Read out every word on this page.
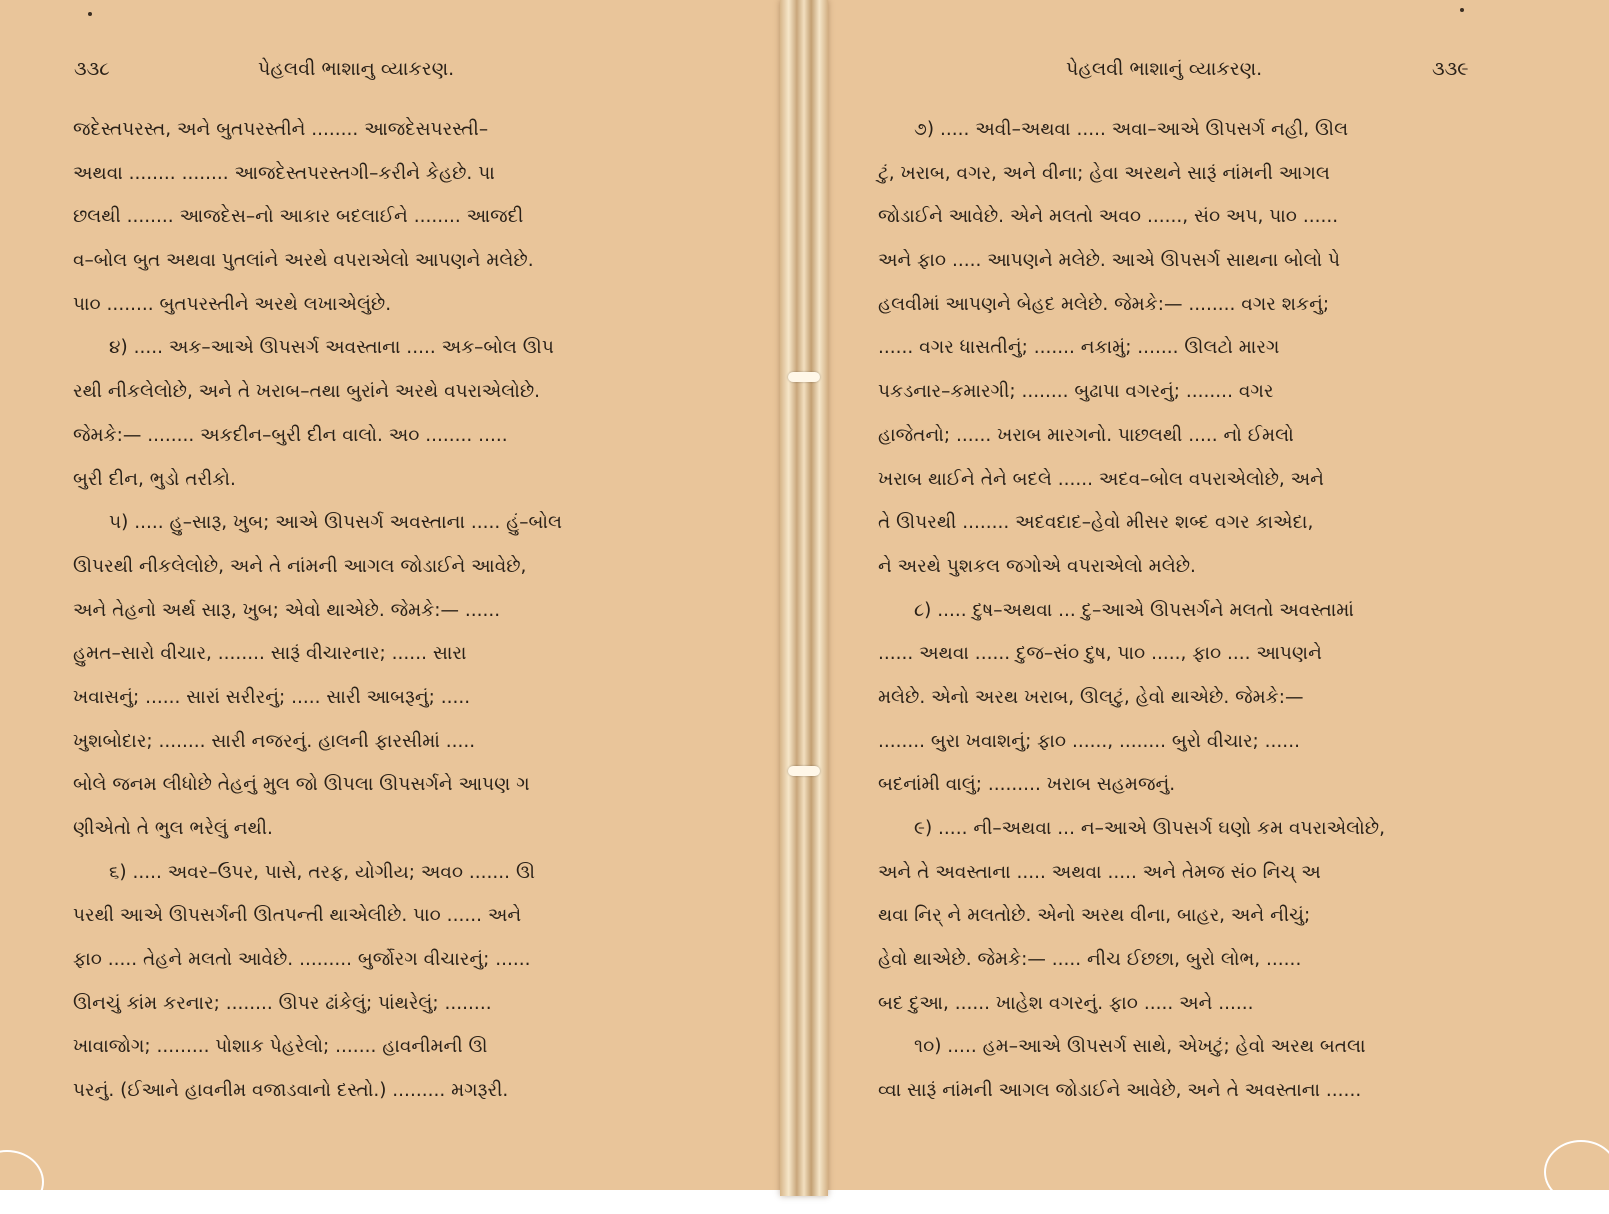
૩૩૮	પેહલવી ભાશાનુ વ્યાકરણ.
જદેસ્તપરસ્ત, અને બુતપરસ્તીને ........ આજદેસપરસ્તી–
અથવા ........ ........ આજદેસ્તપરસ્તગી–કરીને કેહછે. પા
છલથી ........ આજદેસ–નો આકાર બદલાઈને ........ આજદી
વ–બોલ બુત અથવા પુતલાંને અરથે વપરાએલો આપણને મલેછે.
પા૦ ........ બુતપરસ્તીને અરથે લખાએલુંછે.
૪) ..... અક–આએ ઊપસર્ગ અવસ્તાના ..... અક–બોલ ઊપ
રથી નીકલેલોછે, અને તે ખરાબ–તથા બુરાંને અરથે વપરાએલોછે.
જેમકે:— ........ અકદીન–બુરી દીન વાલો. અ૦ ........ .....
બુરી દીન, ભુડો તરીકો.
૫) ..... હુ–સારૂ, ખુબ; આએ ઊપસર્ગ અવસ્તાના ..... હું–બોલ
ઊપરથી નીકલેલોછે, અને તે નાંમની આગલ જોડાઈને આવેછે,
અને તેહનો અર્થ સારૂ, ખુબ; એવો થાએછે. જેમકે:— ......
હુમત–સારો વીચાર, ........ સારૂં વીચારનાર; ...... સારા
ખવાસનું; ...... સારાં સરીરનું; ..... સારી આબરૂનું; .....
ખુશબોદાર; ........ સારી નજરનું. હાલની ફારસીમાં .....
બોલે જનમ લીધોછે તેહનું મુલ જો ઊપલા ઊપસર્ગને આપણ ગ
ણીએતો તે ભુલ ભરેલું નથી.
૬) ..... અવર–ઉપર, પાસે, તરફ, યોગીય; અવ૦ ....... ઊ
પરથી આએ ઊપસર્ગની ઊતપન્તી થાએલીછે. પા૦ ...... અને
ફા૦ ..... તેહને મલતો આવેછે. ......... બુર્જોરગ વીચારનું; ......
ઊનચું કાંમ કરનાર; ........ ઊપર ઢાંકેલું; પાંથરેલું; ........
ખાવાજોગ; ......... પોશાક પેહરેલો; ....... હાવનીમની ઊ
પરનું. (ઈઆને હાવનીમ વજાડવાનો દસ્તો.) ......... મગરૂરી.
પેહલવી ભાશાનું વ્યાકરણ.	૩૩૯
૭) ..... અવી–અથવા ..... અવા–આએ ઊપસર્ગ નહી, ઊલ
ટું, ખરાબ, વગર, અને વીના; હેવા અરથને સારૂં નાંમની આગલ
જોડાઈને આવેછે. એને મલતો અવ૦ ......, સં૦ અપ, પા૦ ......
અને ફા૦ ..... આપણને મલેછે. આએ ઊપસર્ગ સાથના બોલો પે
હલવીમાં આપણને બેહદ મલેછે. જેમકે:— ........ વગર શકનું;
...... વગર ધાસતીનું; ....... નકામું; ....... ઊલટો મારગ
પકડનાર–કમારગી; ........ બુઢાપા વગરનું; ........ વગર
હાજેતનો; ...... ખરાબ મારગનો. પાછલથી ..... નો ઈમલો
ખરાબ થાઈને તેને બદલે ...... અદવ–બોલ વપરાએલોછે, અને
તે ઊપરથી ........ અદવદાદ–હેવો મીસર શબ્દ વગર કાએદા,
ને અરથે પુશકલ જગોએ વપરાએલો મલેછે.
૮) ..... દુષ–અથવા ... દુ–આએ ઊપસર્ગને મલતો અવસ્તામાં
...... અથવા ...... દુજ–સં૦ દુષ, પા૦ ....., ફા૦ .... આપણને
મલેછે. એનો અરથ ખરાબ, ઊલટું, હેવો થાએછે. જેમકે:—
........ બુરા ખવાશનું; ફા૦ ......, ........ બુરો વીચાર; ......
બદનાંમી વાલું; ......... ખરાબ સહમજનું.
૯) ..... ની–અથવા ... ન–આએ ઊપસર્ગ ઘણો કમ વપરાએલોછે,
અને તે અવસ્તાના ..... અથવા ..... અને તેમજ સં૦ નિચ્ અ
થવા નિર્ ને મલતોછે. એનો અરથ વીના, બાહર, અને નીચું;
હેવો થાએછે. જેમકે:— ..... નીચ ઈછછા, બુરો લોભ, ......
બદ દુઆ, ...... ખાહેશ વગરનું. ફા૦ ..... અને ......
૧૦) ..... હમ–આએ ઊપસર્ગ સાથે, એખટું; હેવો અરથ બતલા
વ્વા સારૂં નાંમની આગલ જોડાઈને આવેછે, અને તે અવસ્તાના ......
